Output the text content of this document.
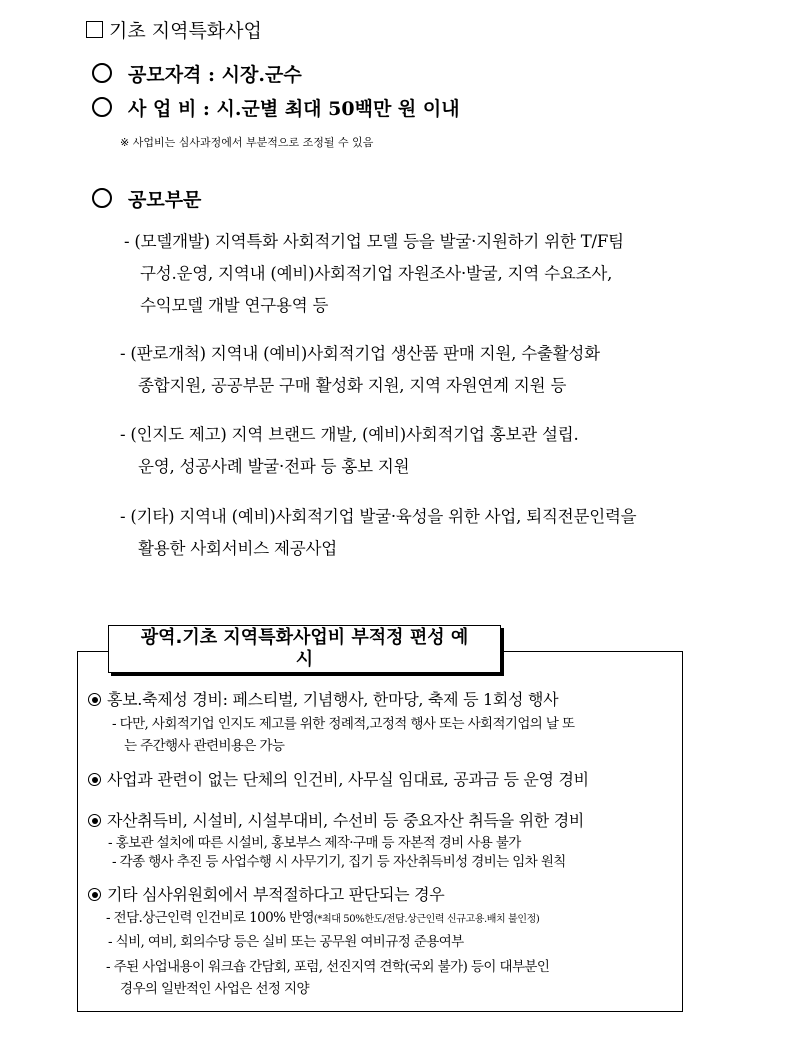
기초 지역특화사업
공모자격 : 시장.군수
사 업 비 : 시.군별 최대 50백만 원 이내
※ 사업비는 심사과정에서 부분적으로 조정될 수 있음
공모부문
- (모델개발) 지역특화 사회적기업 모델 등을 발굴·지원하기 위한 T/F팀
구성.운영, 지역내 (예비)사회적기업 자원조사·발굴, 지역 수요조사,
수익모델 개발 연구용역 등
- (판로개척) 지역내 (예비)사회적기업 생산품 판매 지원, 수출활성화
종합지원, 공공부문 구매 활성화 지원, 지역 자원연계 지원 등
- (인지도 제고) 지역 브랜드 개발, (예비)사회적기업 홍보관 설립.
운영, 성공사례 발굴·전파 등 홍보 지원
- (기타) 지역내 (예비)사회적기업 발굴·육성을 위한 사업, 퇴직전문인력을
활용한 사회서비스 제공사업
광역.기초 지역특화사업비 부적정 편성 예
시
홍보.축제성 경비: 페스티벌, 기념행사, 한마당, 축제 등 1회성 행사
- 다만, 사회적기업 인지도 제고를 위한 정례적,고정적 행사 또는 사회적기업의 날 또
는 주간행사 관련비용은 가능
사업과 관련이 없는 단체의 인건비, 사무실 임대료, 공과금 등 운영 경비
자산취득비, 시설비, 시설부대비, 수선비 등 중요자산 취득을 위한 경비
- 홍보관 설치에 따른 시설비, 홍보부스 제작·구매 등 자본적 경비 사용 불가
- 각종 행사 추진 등 사업수행 시 사무기기, 집기 등 자산취득비성 경비는 임차 원칙
기타 심사위원회에서 부적절하다고 판단되는 경우
- 전담.상근인력 인건비로 100% 반영(*최대 50%한도/전담.상근인력 신규고용.배치 불인정)
- 식비, 여비, 회의수당 등은 실비 또는 공무원 여비규정 준용여부
- 주된 사업내용이 워크숍 간담회, 포럼, 선진지역 견학(국외 불가) 등이 대부분인
경우의 일반적인 사업은 선정 지양
